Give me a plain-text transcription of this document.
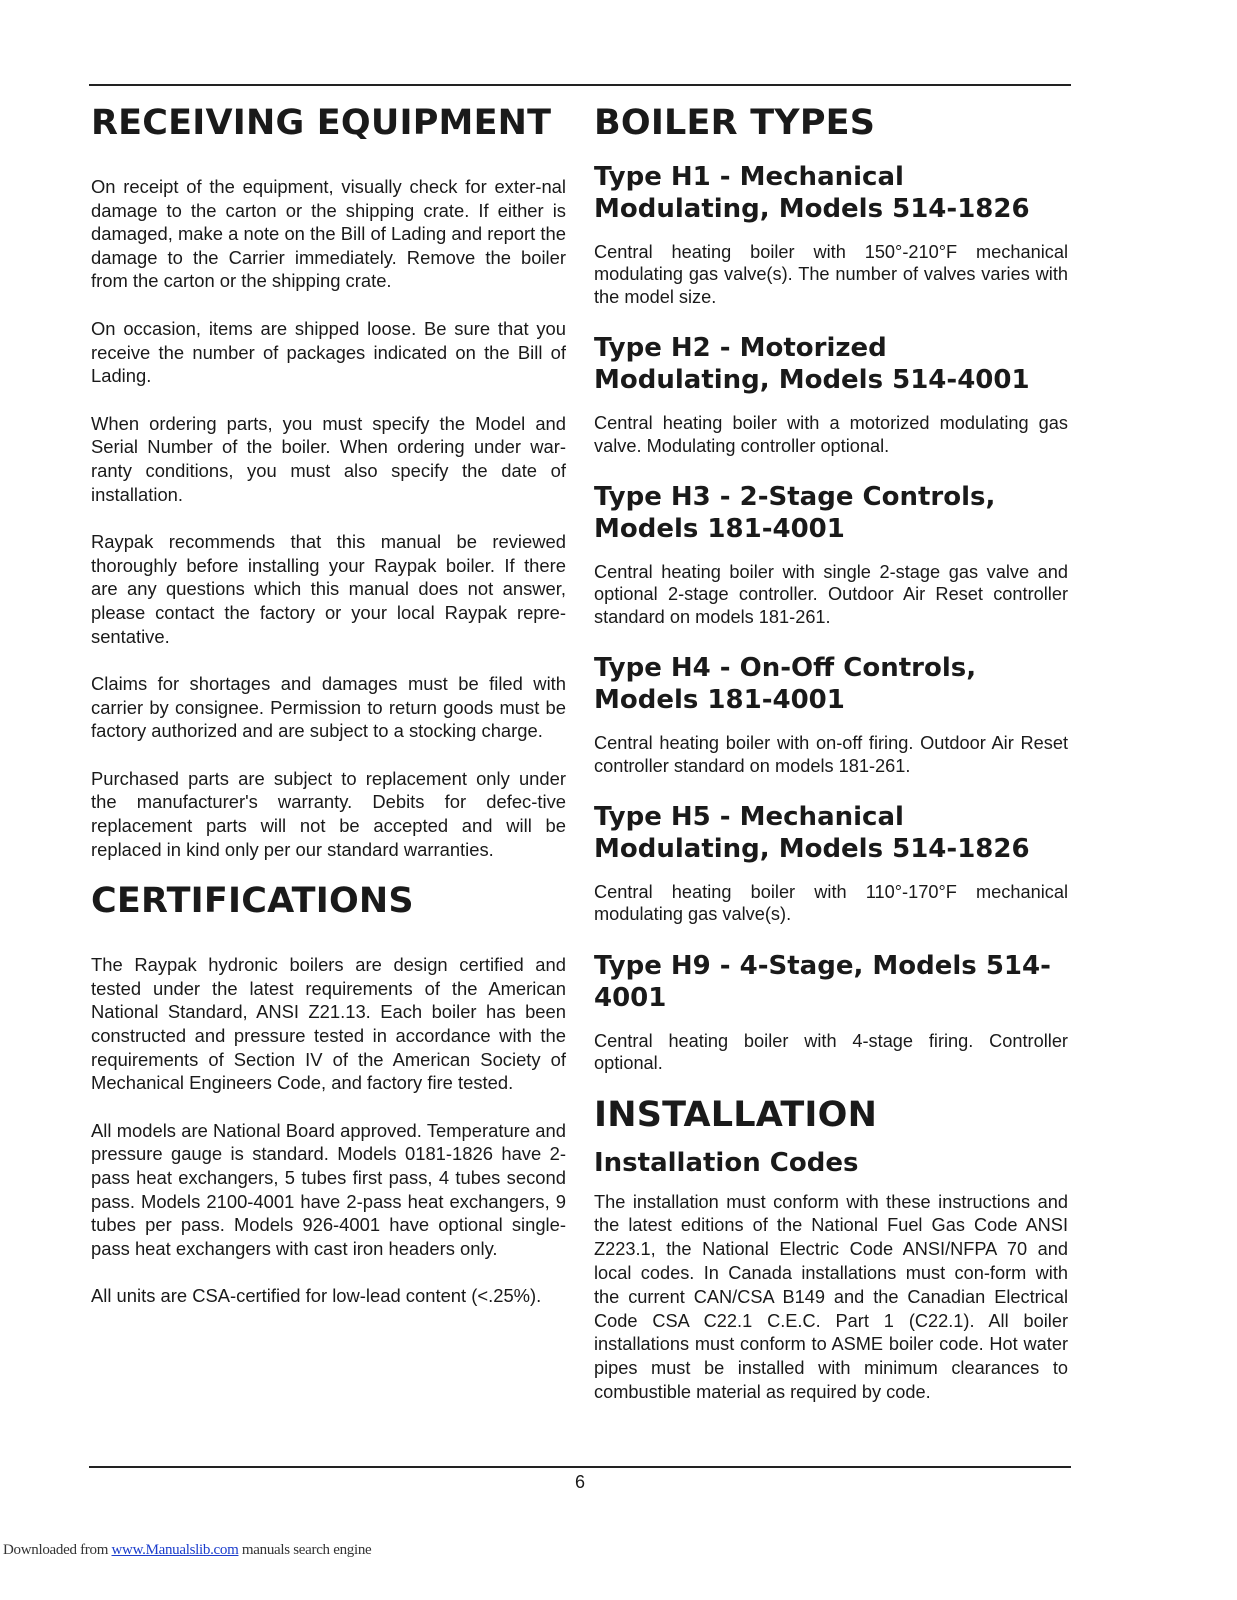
RECEIVING EQUIPMENT

On receipt of the equipment, visually check for exter-nal damage to the carton or the shipping crate. If either is damaged, make a note on the Bill of Lading and report the damage to the Carrier immediately. Remove the boiler from the carton or the shipping crate.

On occasion, items are shipped loose. Be sure that you receive the number of packages indicated on the Bill of Lading.

When ordering parts, you must specify the Model and Serial Number of the boiler. When ordering under war-ranty conditions, you must also specify the date of installation.

Raypak recommends that this manual be reviewed thoroughly before installing your Raypak boiler. If there are any questions which this manual does not answer, please contact the factory or your local Raypak repre-sentative.

Claims for shortages and damages must be filed with carrier by consignee. Permission to return goods must be factory authorized and are subject to a stocking charge.

Purchased parts are subject to replacement only under the manufacturer's warranty. Debits for defec-tive replacement parts will not be accepted and will be replaced in kind only per our standard warranties.

CERTIFICATIONS

The Raypak hydronic boilers are design certified and tested under the latest requirements of the American National Standard, ANSI Z21.13. Each boiler has been constructed and pressure tested in accordance with the requirements of Section IV of the American Society of Mechanical Engineers Code, and factory fire tested.

All models are National Board approved. Temperature and pressure gauge is standard. Models 0181-1826 have 2-pass heat exchangers, 5 tubes first pass, 4 tubes second pass. Models 2100-4001 have 2-pass heat exchangers, 9 tubes per pass. Models 926-4001 have optional single-pass heat exchangers with cast iron headers only.

All units are CSA-certified for low-lead content (<.25%).

BOILER TYPES
Type H1 - Mechanical
Modulating, Models 514-1826

Central heating boiler with 150°-210°F mechanical modulating gas valve(s). The number of valves varies with the model size.

Type H2 - Motorized
Modulating, Models 514-4001

Central heating boiler with a motorized modulating gas valve. Modulating controller optional.

Type H3 - 2-Stage Controls,
Models 181-4001

Central heating boiler with single 2-stage gas valve and optional 2-stage controller. Outdoor Air Reset controller standard on models 181-261.

Type H4 - On-Off Controls,
Models 181-4001

Central heating boiler with on-off firing. Outdoor Air Reset controller standard on models 181-261.

Type H5 - Mechanical
Modulating, Models 514-1826

Central heating boiler with 110°-170°F mechanical modulating gas valve(s).

Type H9 - 4-Stage, Models 514-
4001

Central heating boiler with 4-stage firing. Controller optional.

INSTALLATION
Installation Codes

The installation must conform with these instructions and the latest editions of the National Fuel Gas Code ANSI Z223.1, the National Electric Code ANSI/NFPA 70 and local codes. In Canada installations must con-form with the current CAN/CSA B149 and the Canadian Electrical Code CSA C22.1 C.E.C. Part 1 (C22.1). All boiler installations must conform to ASME boiler code. Hot water pipes must be installed with minimum clearances to combustible material as required by code.

6
Downloaded from www.Manualslib.com manuals search engine
